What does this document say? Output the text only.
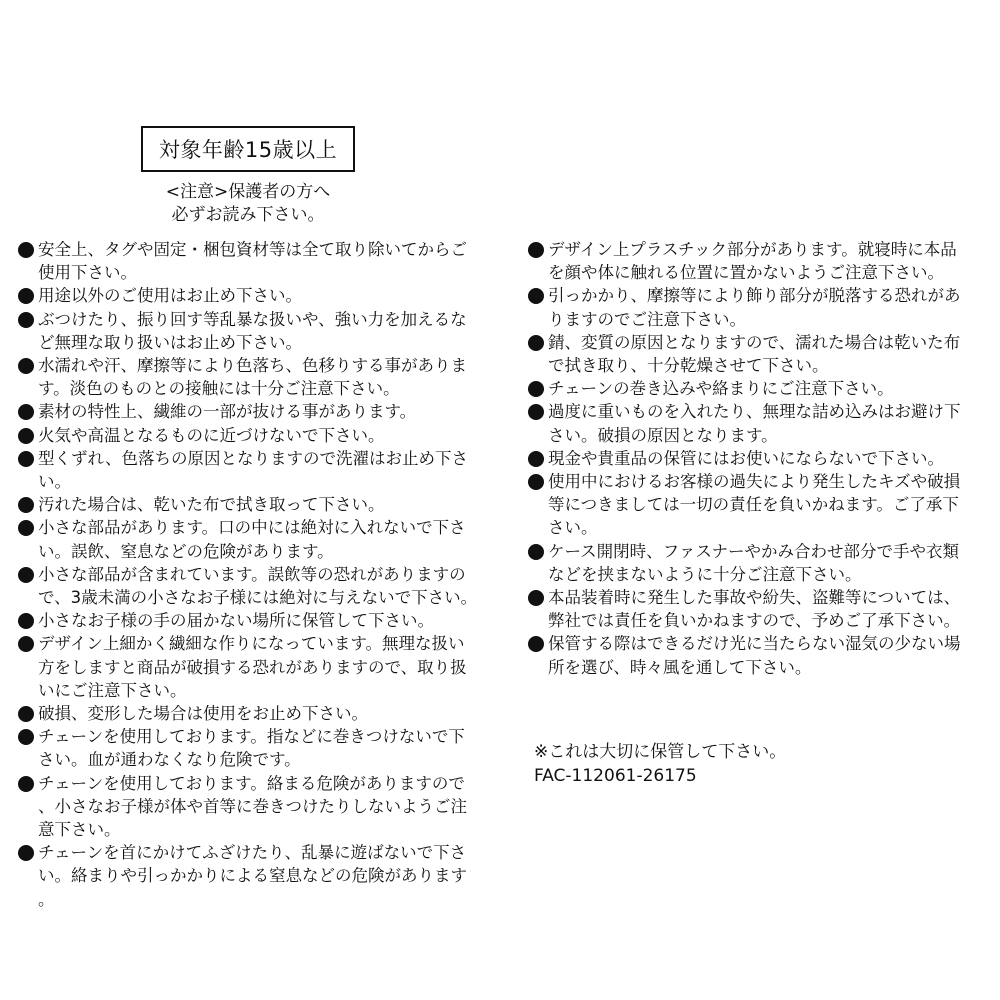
対象年齢15歳以上
<注意>保護者の方へ
必ずお読み下さい。

安全上、タグや固定・梱包資材等は全て取り除いてからご使用下さい。

用途以外のご使用はお止め下さい。

ぶつけたり、振り回す等乱暴な扱いや、強い力を加えるなど無理な取り扱いはお止め下さい。

水濡れや汗、摩擦等により色落ち、色移りする事があります。淡色のものとの接触には十分ご注意下さい。

素材の特性上、繊維の一部が抜ける事があります。

火気や高温となるものに近づけないで下さい。

型くずれ、色落ちの原因となりますので洗濯はお止め下さい。

汚れた場合は、乾いた布で拭き取って下さい。

小さな部品があります。口の中には絶対に入れないで下さい。誤飲、窒息などの危険があります。

小さな部品が含まれています。誤飲等の恐れがありますので、3歳未満の小さなお子様には絶対に与えないで下さい。

小さなお子様の手の届かない場所に保管して下さい。

デザイン上細かく繊細な作りになっています。無理な扱い方をしますと商品が破損する恐れがありますので、取り扱いにご注意下さい。

破損、変形した場合は使用をお止め下さい。

チェーンを使用しております。指などに巻きつけないで下さい。血が通わなくなり危険です。

チェーンを使用しております。絡まる危険がありますので、小さなお子様が体や首等に巻きつけたりしないようご注意下さい。

チェーンを首にかけてふざけたり、乱暴に遊ばないで下さい。絡まりや引っかかりによる窒息などの危険があります。

デザイン上プラスチック部分があります。就寝時に本品を顔や体に触れる位置に置かないようご注意下さい。

引っかかり、摩擦等により飾り部分が脱落する恐れがありますのでご注意下さい。

錆、変質の原因となりますので、濡れた場合は乾いた布で拭き取り、十分乾燥させて下さい。

チェーンの巻き込みや絡まりにご注意下さい。

過度に重いものを入れたり、無理な詰め込みはお避け下さい。破損の原因となります。

現金や貴重品の保管にはお使いにならないで下さい。

使用中におけるお客様の過失により発生したキズや破損等につきましては一切の責任を負いかねます。ご了承下さい。

ケース開閉時、ファスナーやかみ合わせ部分で手や衣類などを挟まないように十分ご注意下さい。

本品装着時に発生した事故や紛失、盗難等については、弊社では責任を負いかねますので、予めご了承下さい。

保管する際はできるだけ光に当たらない湿気の少ない場所を選び、時々風を通して下さい。

※これは大切に保管して下さい。
FAC-112061-26175
